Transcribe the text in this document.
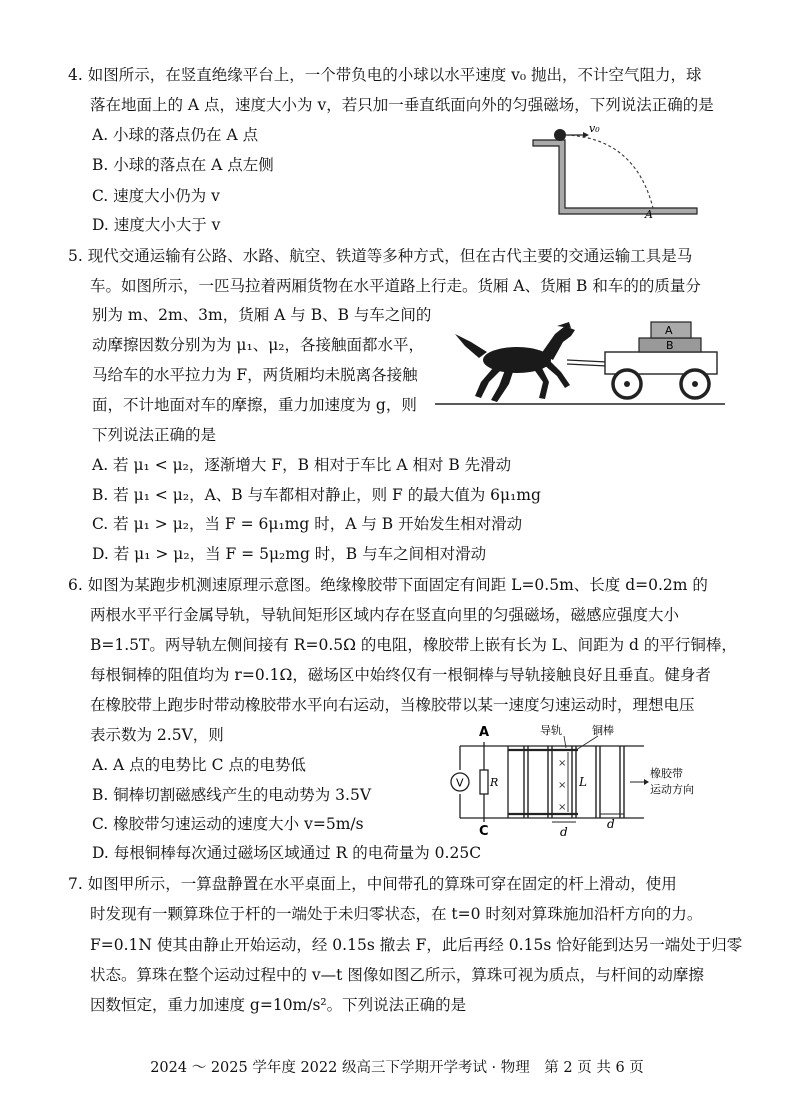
4. 如图所示，在竖直绝缘平台上，一个带负电的小球以水平速度 v₀ 抛出，不计空气阻力，球
落在地面上的 A 点，速度大小为 v，若只加一垂直纸面向外的匀强磁场，下列说法正确的是
A. 小球的落点仍在 A 点
B. 小球的落点在 A 点左侧
C. 速度大小仍为 v
D. 速度大小大于 v
v₀
A
5. 现代交通运输有公路、水路、航空、铁道等多种方式，但在古代主要的交通运输工具是马
车。如图所示，一匹马拉着两厢货物在水平道路上行走。货厢 A、货厢 B 和车的的质量分
别为 m、2m、3m，货厢 A 与 B、B 与车之间的
动摩擦因数分别为为 μ₁、μ₂，各接触面都水平，
马给车的水平拉力为 F，两货厢均未脱离各接触
面，不计地面对车的摩擦，重力加速度为 g，则
下列说法正确的是
A. 若 μ₁ < μ₂，逐渐增大 F，B 相对于车比 A 相对 B 先滑动
B. 若 μ₁ < μ₂，A、B 与车都相对静止，则 F 的最大值为 6μ₁mg
C. 若 μ₁ > μ₂，当 F = 6μ₁mg 时，A 与 B 开始发生相对滑动
D. 若 μ₁ > μ₂，当 F = 5μ₂mg 时，B 与车之间相对滑动
A
B
6. 如图为某跑步机测速原理示意图。绝缘橡胶带下面固定有间距 L=0.5m、长度 d=0.2m 的
两根水平平行金属导轨，导轨间矩形区域内存在竖直向里的匀强磁场，磁感应强度大小
B=1.5T。两导轨左侧间接有 R=0.5Ω 的电阻，橡胶带上嵌有长为 L、间距为 d 的平行铜棒，
每根铜棒的阻值均为 r=0.1Ω，磁场区中始终仅有一根铜棒与导轨接触良好且垂直。健身者
在橡胶带上跑步时带动橡胶带水平向右运动，当橡胶带以某一速度匀速运动时，理想电压
表示数为 2.5V，则
A. A 点的电势比 C 点的电势低
B. 铜棒切割磁感线产生的电动势为 3.5V
C. 橡胶带匀速运动的速度大小 v=5m/s
D. 每根铜棒每次通过磁场区域通过 R 的电荷量为 0.25C
A
C
V R
×
×
×
L
d
d
导轨	铜棒
橡胶带
运动方向
7. 如图甲所示，一算盘静置在水平桌面上，中间带孔的算珠可穿在固定的杆上滑动，使用
时发现有一颗算珠位于杆的一端处于未归零状态，在 t=0 时刻对算珠施加沿杆方向的力。
F=0.1N 使其由静止开始运动，经 0.15s 撤去 F，此后再经 0.15s 恰好能到达另一端处于归零
状态。算珠在整个运动过程中的 v—t 图像如图乙所示，算珠可视为质点，与杆间的动摩擦
因数恒定，重力加速度 g=10m/s²。下列说法正确的是
2024 ～ 2025 学年度 2022 级高三下学期开学考试 · 物理　第 2 页 共 6 页
